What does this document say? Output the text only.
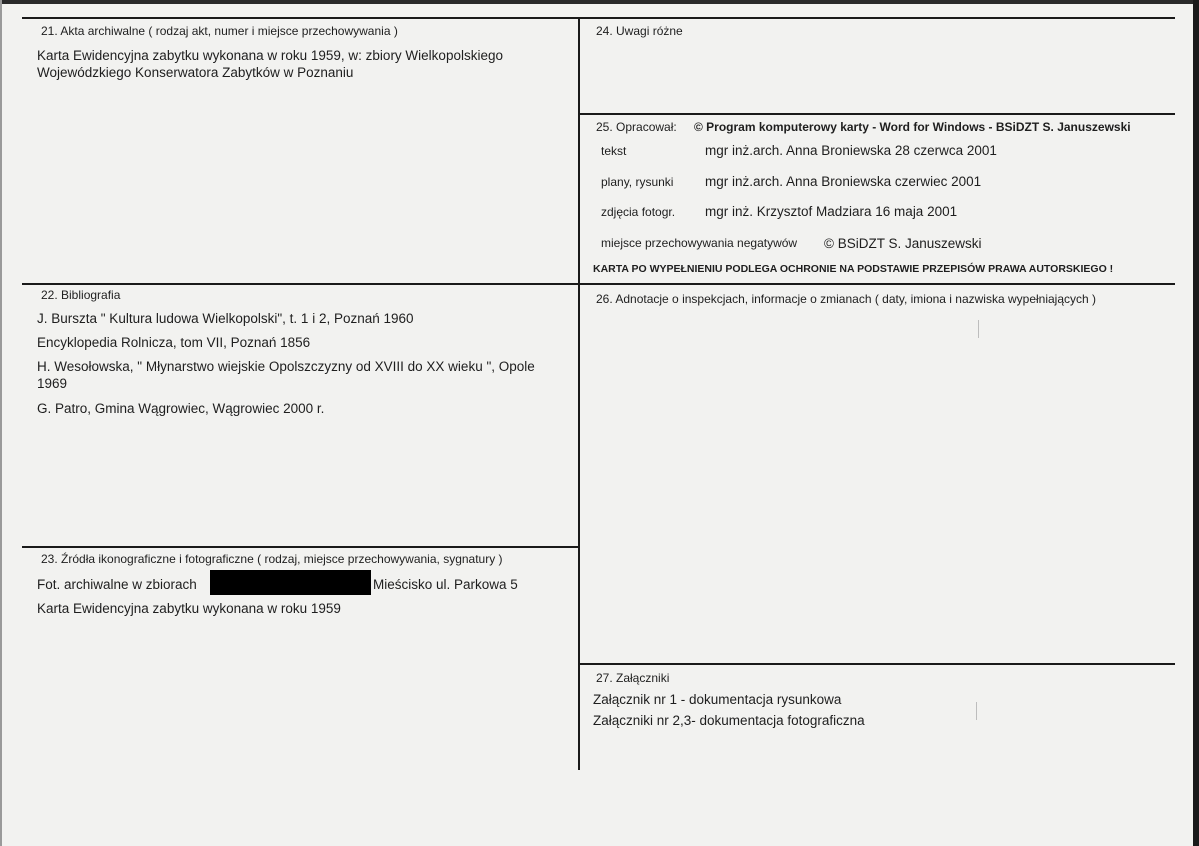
21. Akta archiwalne ( rodzaj akt, numer i miejsce przechowywania )
Karta Ewidencyjna zabytku wykonana w roku 1959, w: zbiory Wielkopolskiego
Wojewódzkiego Konserwatora Zabytków w Poznaniu
22. Bibliografia
J. Burszta " Kultura ludowa Wielkopolski", t. 1 i 2, Poznań 1960
Encyklopedia Rolnicza, tom VII, Poznań 1856
H. Wesołowska, " Młynarstwo wiejskie Opolszczyzny od XVIII do XX wieku ", Opole
1969
G. Patro, Gmina Wągrowiec, Wągrowiec 2000 r.
23. Źródła ikonograficzne i fotograficzne ( rodzaj, miejsce przechowywania, sygnatury )
Fot. archiwalne w zbiorach	Mieścisko ul. Parkowa 5
Karta Ewidencyjna zabytku wykonana w roku 1959
24. Uwagi różne
25. Opracował: © Program komputerowy karty - Word for Windows - BSiDZT S. Januszewski
tekst	mgr inż.arch. Anna Broniewska 28 czerwca 2001
plany, rysunki mgr inż.arch. Anna Broniewska czerwiec 2001
zdjęcia fotogr. mgr inż. Krzysztof Madziara 16 maja 2001
miejsce przechowywania negatywów © BSiDZT S. Januszewski
KARTA PO WYPEŁNIENIU PODLEGA OCHRONIE NA PODSTAWIE PRZEPISÓW PRAWA AUTORSKIEGO !
26. Adnotacje o inspekcjach, informacje o zmianach ( daty, imiona i nazwiska wypełniających )
27. Załączniki
Załącznik nr 1 - dokumentacja rysunkowa
Załączniki nr 2,3- dokumentacja fotograficzna
